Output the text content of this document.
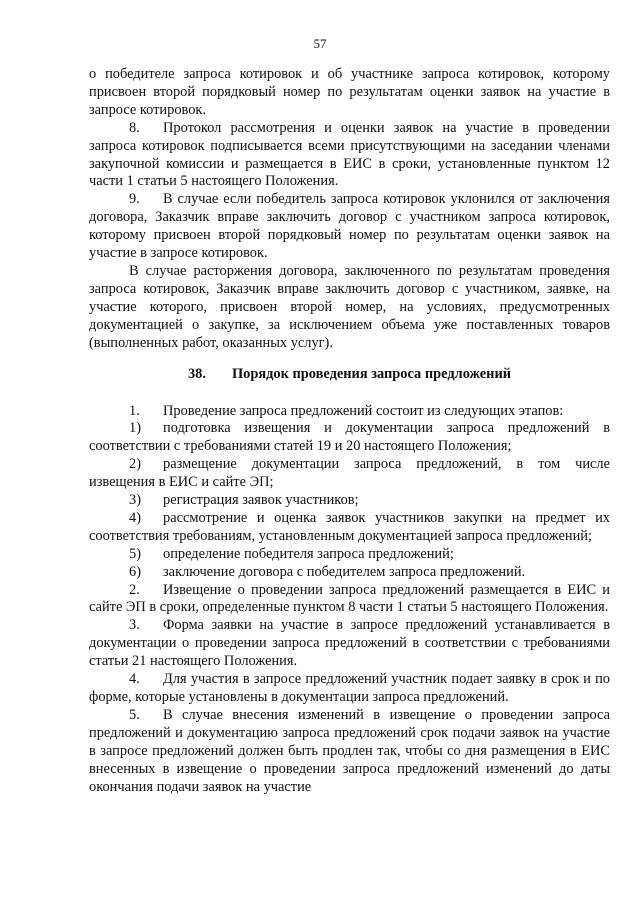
57

о победителе запроса котировок и об участнике запроса котировок, которому присвоен второй порядковый номер по результатам оценки заявок на участие в запросе котировок.

8. Протокол рассмотрения и оценки заявок на участие в проведении запроса котировок подписывается всеми присутствующими на заседании членами закупочной комиссии и размещается в ЕИС в сроки, установленные пунктом 12 части 1 статьи 5 настоящего Положения.

9. В случае если победитель запроса котировок уклонился от заключения договора, Заказчик вправе заключить договор с участником запроса котировок, которому присвоен второй порядковый номер по результатам оценки заявок на участие в запросе котировок.

В случае расторжения договора, заключенного по результатам проведения запроса котировок, Заказчик вправе заключить договор с участником, заявке, на участие которого, присвоен второй номер, на условиях, предусмотренных документацией о закупке, за исключением объема уже поставленных товаров (выполненных работ, оказанных услуг).

38. Порядок проведения запроса предложений

1. Проведение запроса предложений состоит из следующих этапов:

1) подготовка извещения и документации запроса предложений в соответствии с требованиями статей 19 и 20 настоящего Положения;

2) размещение документации запроса предложений, в том числе извещения в ЕИС и сайте ЭП;

3) регистрация заявок участников;

4) рассмотрение и оценка заявок участников закупки на предмет их соответствия требованиям, установленным документацией запроса предложений;

5) определение победителя запроса предложений;

6) заключение договора с победителем запроса предложений.

2. Извещение о проведении запроса предложений размещается в ЕИС и сайте ЭП в сроки, определенные пунктом 8 части 1 статьи 5 настоящего Положения.

3. Форма заявки на участие в запросе предложений устанавливается в документации о проведении запроса предложений в соответствии с требованиями статьи 21 настоящего Положения.

4. Для участия в запросе предложений участник подает заявку в срок и по форме, которые установлены в документации запроса предложений.

5. В случае внесения изменений в извещение о проведении запроса предложений и документацию запроса предложений срок подачи заявок на участие в запросе предложений должен быть продлен так, чтобы со дня размещения в ЕИС внесенных в извещение о проведении запроса предложений изменений до даты окончания подачи заявок на участие
